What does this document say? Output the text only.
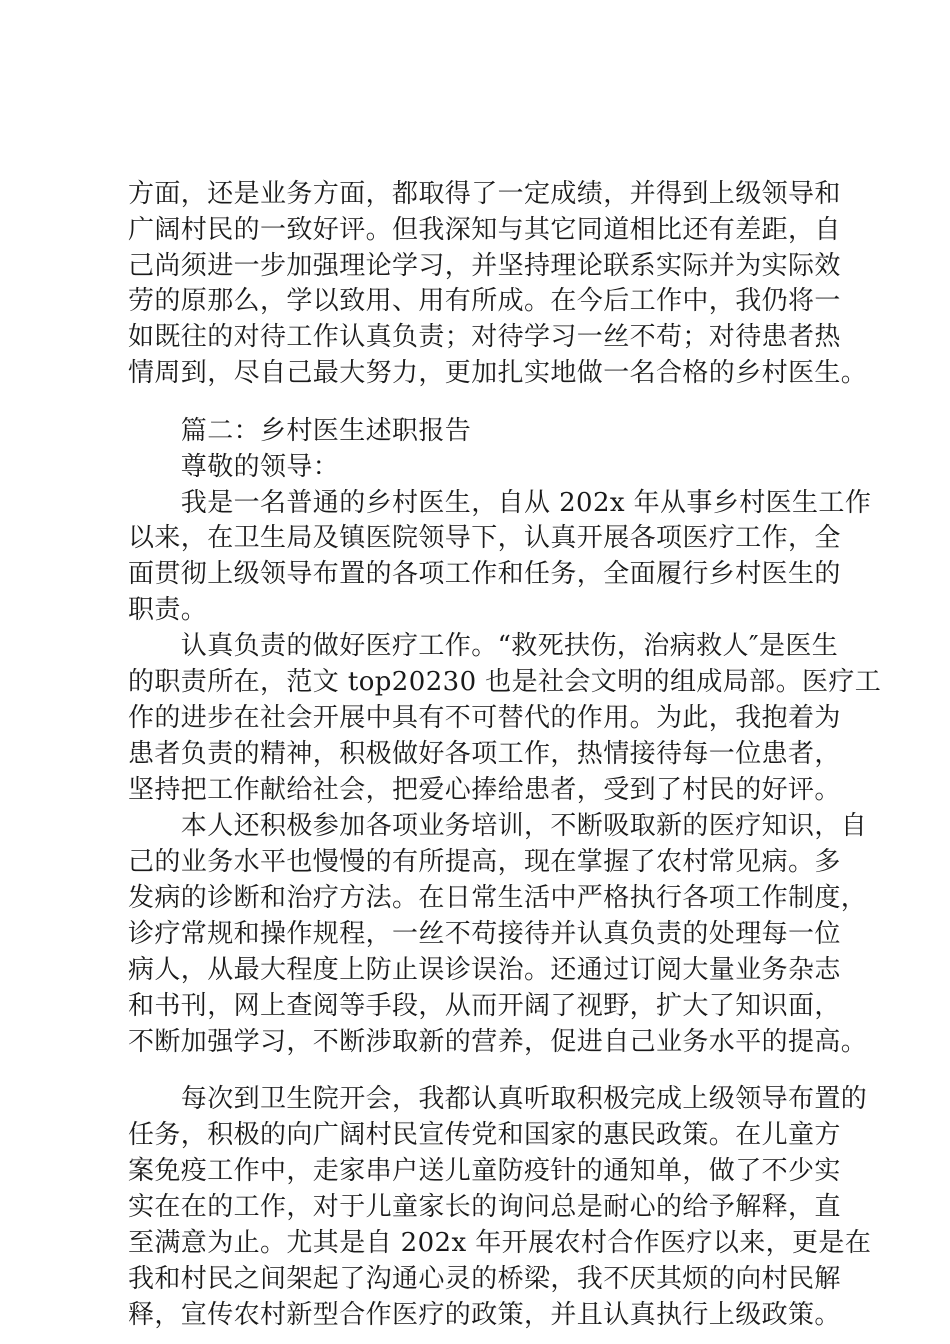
方面，还是业务方面，都取得了一定成绩，并得到上级领导和
广阔村民的一致好评。但我深知与其它同道相比还有差距，自
己尚须进一步加强理论学习，并坚持理论联系实际并为实际效
劳的原那么，学以致用、用有所成。在今后工作中，我仍将一
如既往的对待工作认真负责；对待学习一丝不苟；对待患者热
情周到，尽自己最大努力，更加扎实地做一名合格的乡村医生。
　　篇二：乡村医生述职报告
　　尊敬的领导：
　　我是一名普通的乡村医生，自从 202x 年从事乡村医生工作
以来，在卫生局及镇医院领导下，认真开展各项医疗工作，全
面贯彻上级领导布置的各项工作和任务，全面履行乡村医生的
职责。
　　认真负责的做好医疗工作。“救死扶伤，治病救人″是医生
的职责所在，范文 top20230 也是社会文明的组成局部。医疗工
作的进步在社会开展中具有不可替代的作用。为此，我抱着为
患者负责的精神，积极做好各项工作，热情接待每一位患者，
坚持把工作献给社会，把爱心捧给患者，受到了村民的好评。
　　本人还积极参加各项业务培训，不断吸取新的医疗知识，自
己的业务水平也慢慢的有所提高，现在掌握了农村常见病。多
发病的诊断和治疗方法。在日常生活中严格执行各项工作制度，
诊疗常规和操作规程，一丝不苟接待并认真负责的处理每一位
病人，从最大程度上防止误诊误治。还通过订阅大量业务杂志
和书刊，网上查阅等手段，从而开阔了视野，扩大了知识面，
不断加强学习，不断涉取新的营养，促进自己业务水平的提高。
　　每次到卫生院开会，我都认真听取积极完成上级领导布置的
任务，积极的向广阔村民宣传党和国家的惠民政策。在儿童方
案免疫工作中，走家串户送儿童防疫针的通知单，做了不少实
实在在的工作，对于儿童家长的询问总是耐心的给予解释，直
至满意为止。尤其是自 202x 年开展农村合作医疗以来，更是在
我和村民之间架起了沟通心灵的桥梁，我不厌其烦的向村民解
释，宣传农村新型合作医疗的政策，并且认真执行上级政策。
